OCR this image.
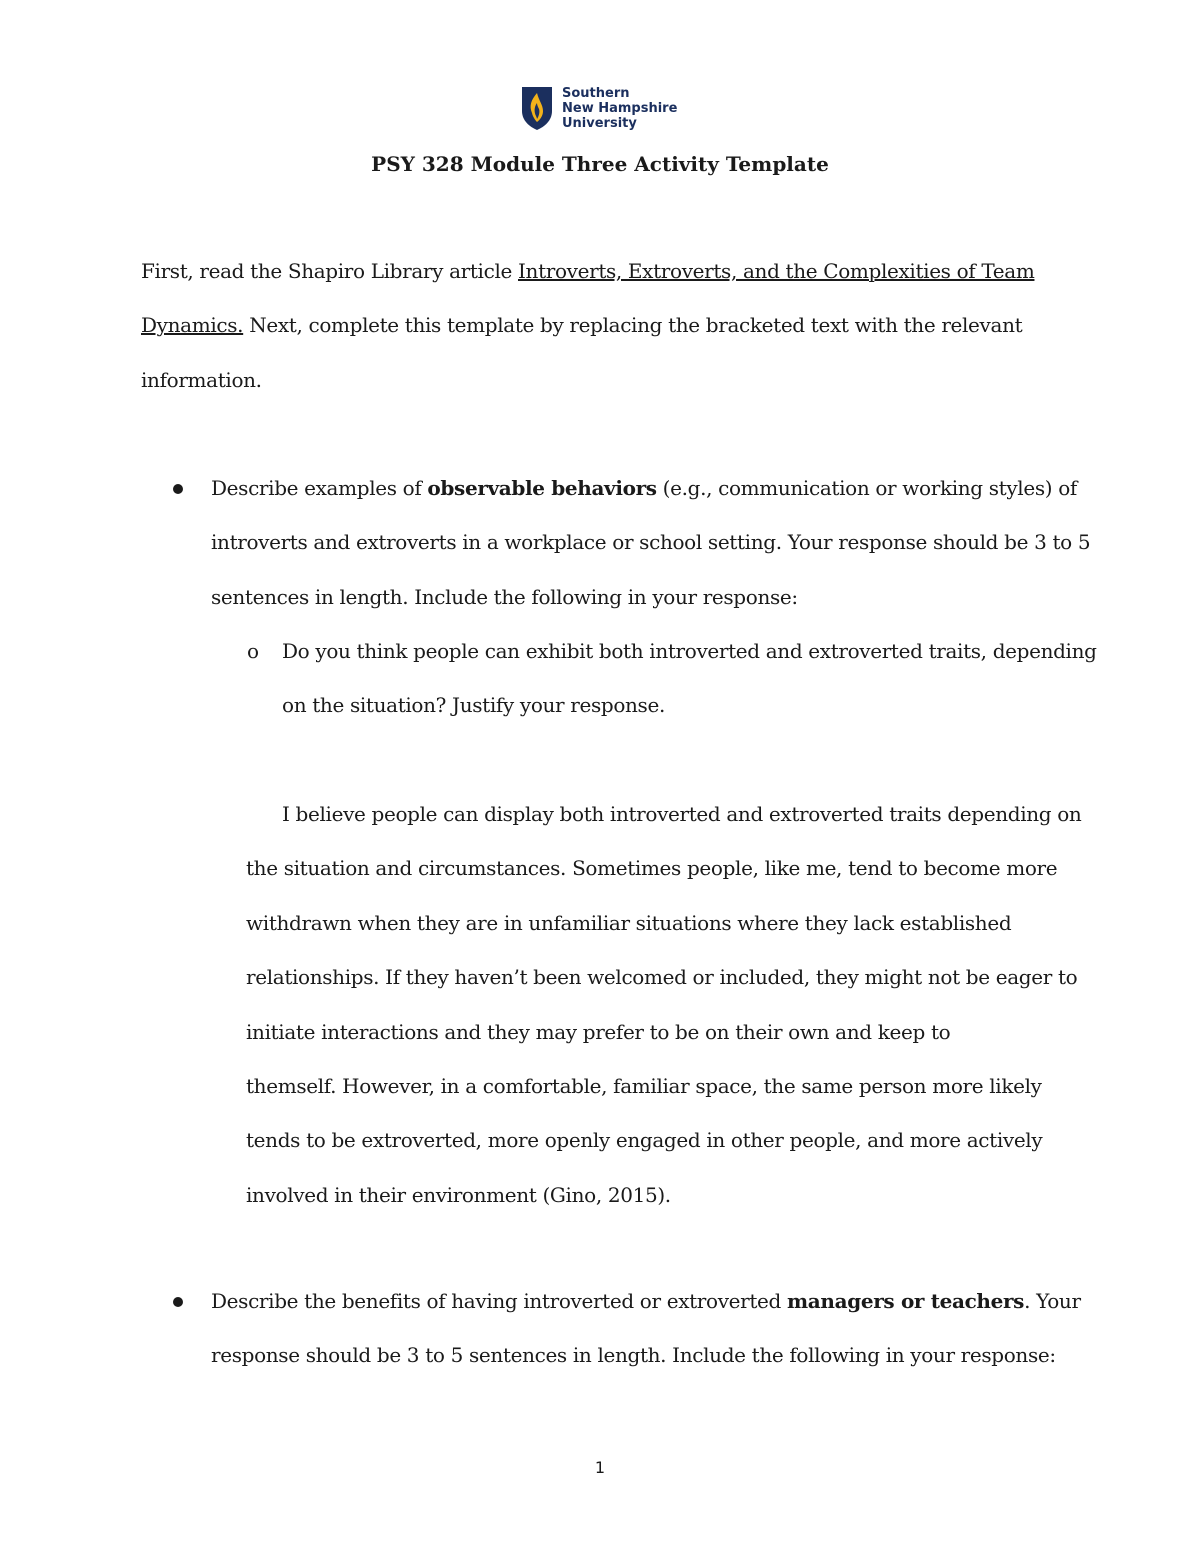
Southern
New Hampshire
University
PSY 328 Module Three Activity Template
First, read the Shapiro Library article Introverts, Extroverts, and the Complexities of Team
Dynamics. Next, complete this template by replacing the bracketed text with the relevant
information.
Describe examples of observable behaviors (e.g., communication or working styles) of
introverts and extroverts in a workplace or school setting. Your response should be 3 to 5
sentences in length. Include the following in your response:
o Do you think people can exhibit both introverted and extroverted traits, depending
on the situation? Justify your response.
I believe people can display both introverted and extroverted traits depending on
the situation and circumstances. Sometimes people, like me, tend to become more
withdrawn when they are in unfamiliar situations where they lack established
relationships. If they haven’t been welcomed or included, they might not be eager to
initiate interactions and they may prefer to be on their own and keep to
themself. However, in a comfortable, familiar space, the same person more likely
tends to be extroverted, more openly engaged in other people, and more actively
involved in their environment (Gino, 2015).
Describe the benefits of having introverted or extroverted managers or teachers. Your
response should be 3 to 5 sentences in length. Include the following in your response:
1
